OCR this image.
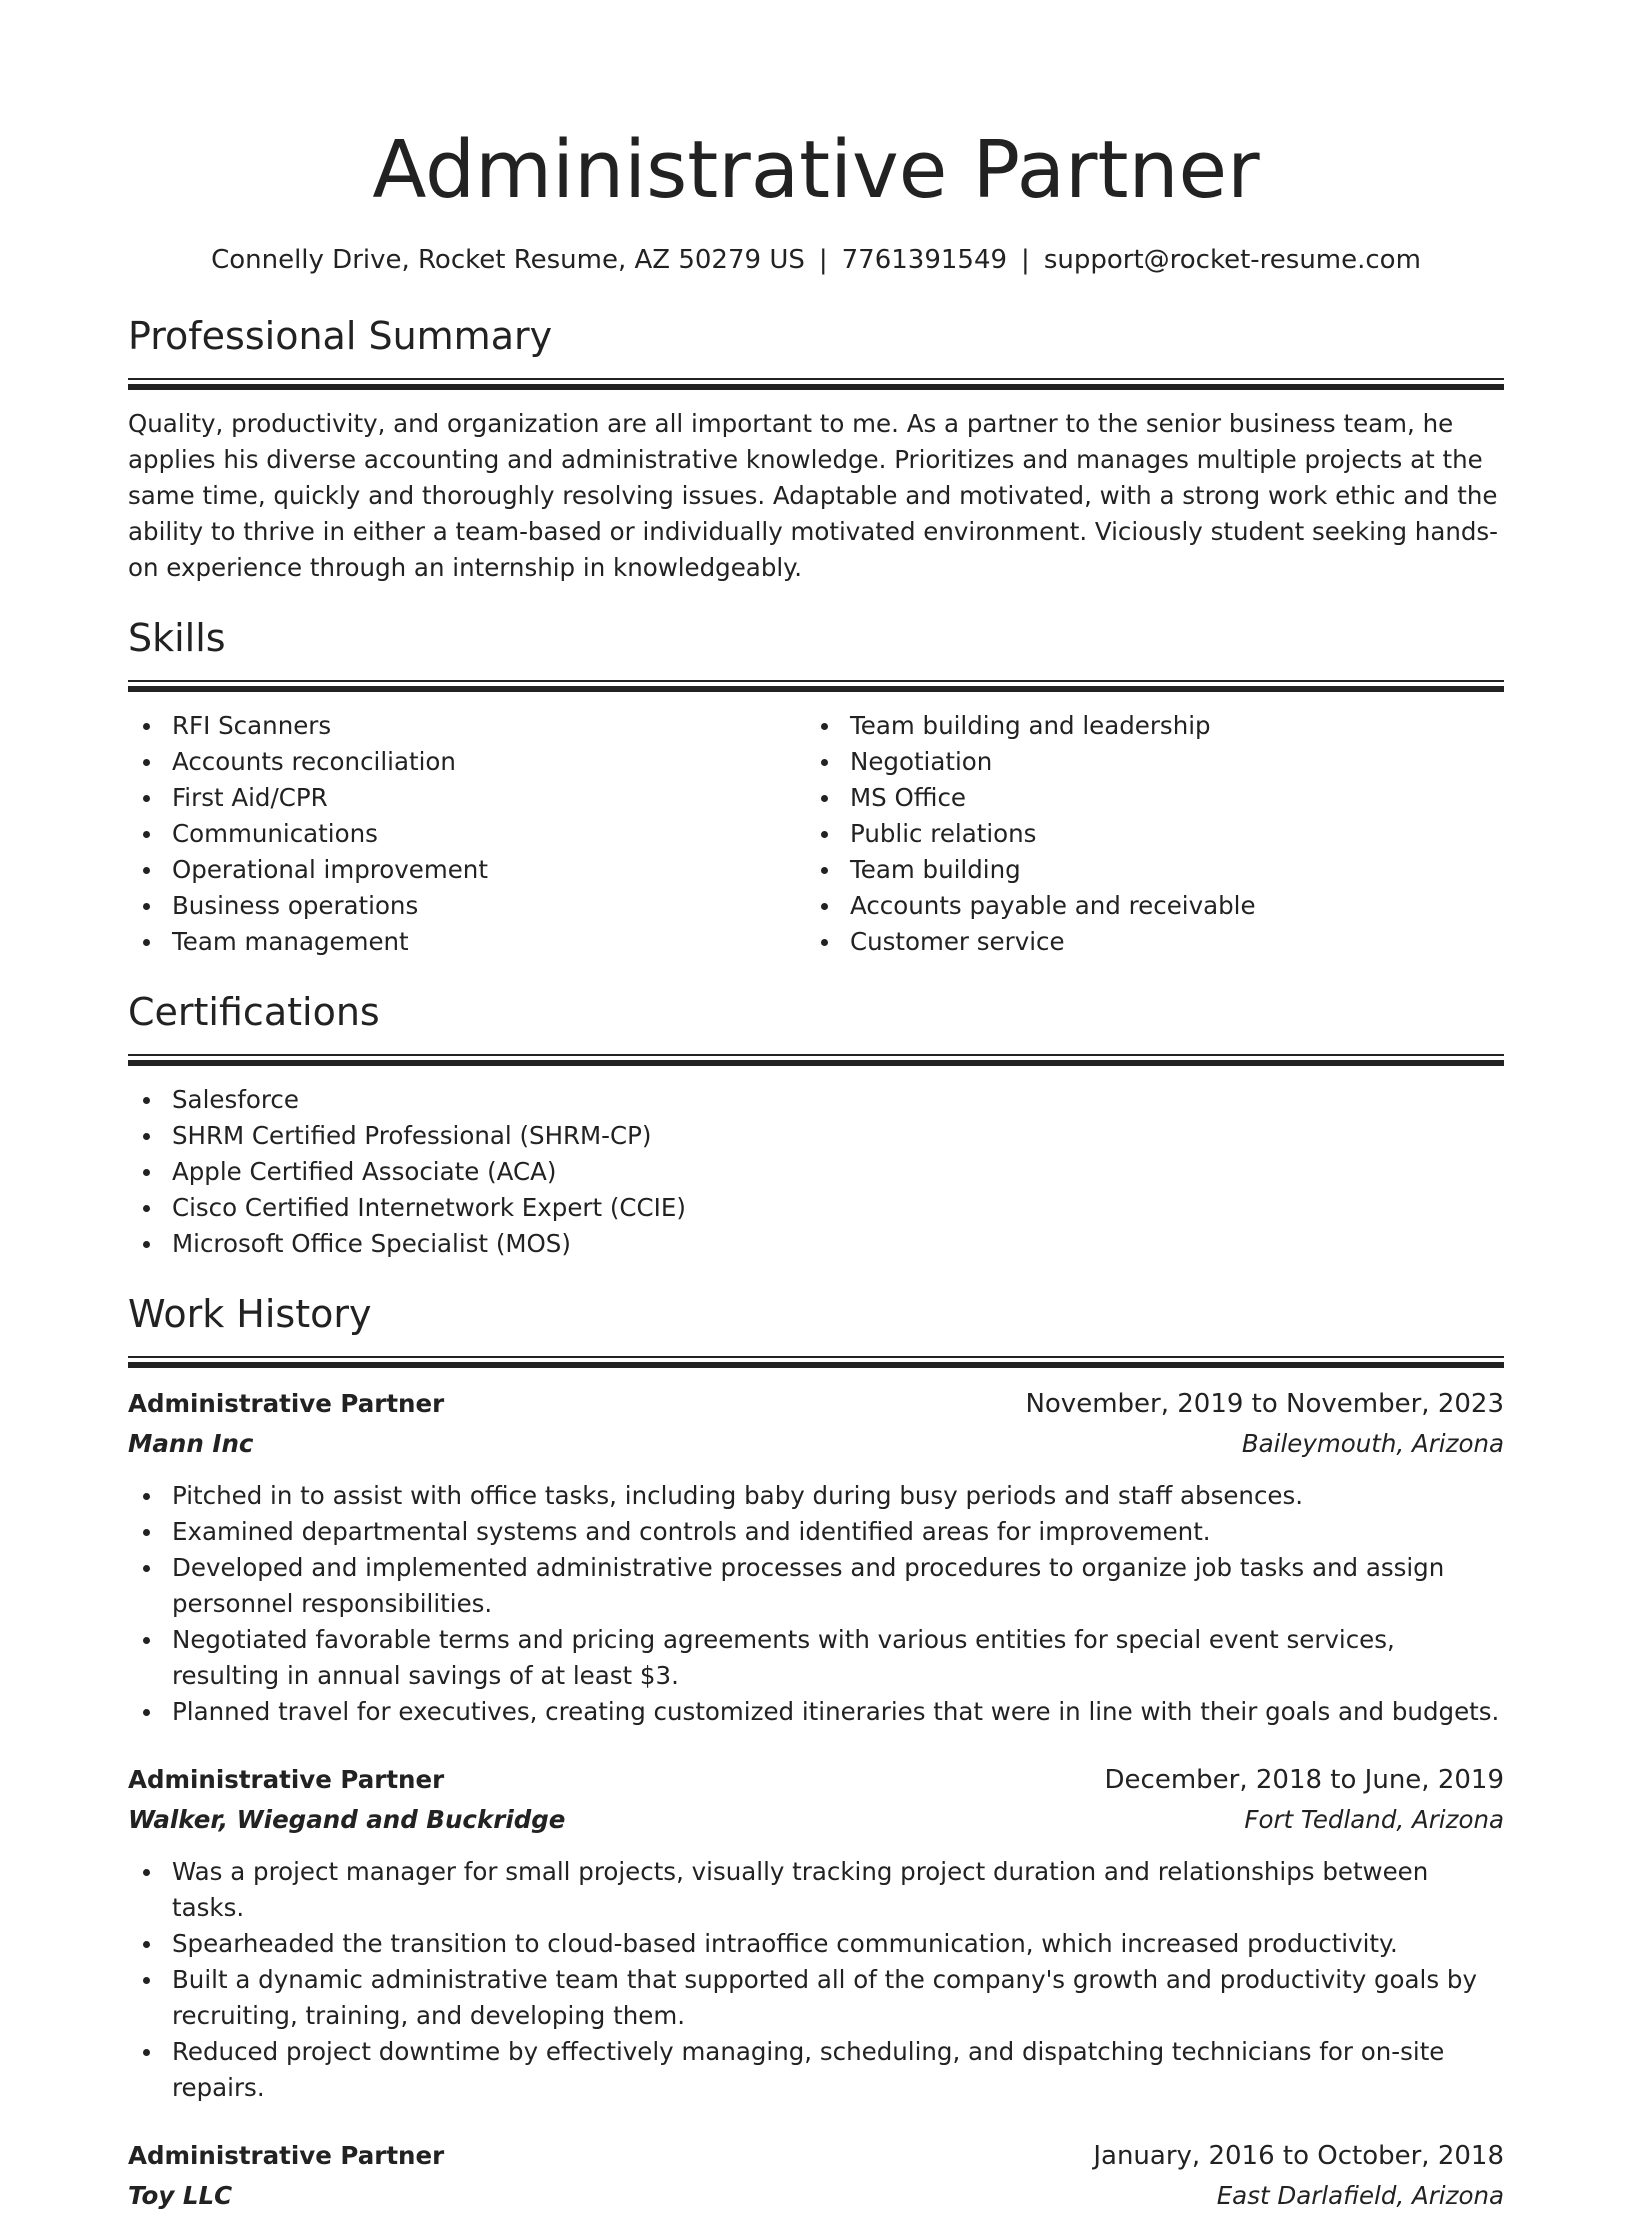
Administrative Partner
Connelly Drive, Rocket Resume, AZ 50279 US | 7761391549 | support@rocket-resume.com
Professional Summary

Quality, productivity, and organization are all important to me. As a partner to the senior business team, he applies his diverse accounting and administrative knowledge. Prioritizes and manages multiple projects at the same time, quickly and thoroughly resolving issues. Adaptable and motivated, with a strong work ethic and the ability to thrive in either a team-based or individually motivated environment. Viciously student seeking hands-on experience through an internship in knowledgeably.

Skills
RFI Scanners
Accounts reconciliation
First Aid/CPR
Communications
Operational improvement
Business operations
Team management
Team building and leadership
Negotiation
MS Office
Public relations
Team building
Accounts payable and receivable
Customer service
Certifications
Salesforce
SHRM Certified Professional (SHRM-CP)
Apple Certified Associate (ACA)
Cisco Certified Internetwork Expert (CCIE)
Microsoft Office Specialist (MOS)
Work History
Administrative Partner	November, 2019 to November, 2023
Mann Inc	Baileymouth, Arizona
Pitched in to assist with office tasks, including baby during busy periods and staff absences.
Examined departmental systems and controls and identified areas for improvement.
Developed and implemented administrative processes and procedures to organize job tasks and assign personnel responsibilities.
Negotiated favorable terms and pricing agreements with various entities for special event services, resulting in annual savings of at least $3.
Planned travel for executives, creating customized itineraries that were in line with their goals and budgets.
Administrative Partner	December, 2018 to June, 2019
Walker, Wiegand and Buckridge	Fort Tedland, Arizona
Was a project manager for small projects, visually tracking project duration and relationships between tasks.
Spearheaded the transition to cloud-based intraoffice communication, which increased productivity.
Built a dynamic administrative team that supported all of the company's growth and productivity goals by recruiting, training, and developing them.
Reduced project downtime by effectively managing, scheduling, and dispatching technicians for on-site repairs.
Administrative Partner	January, 2016 to October, 2018
Toy LLC	East Darlafield, Arizona
